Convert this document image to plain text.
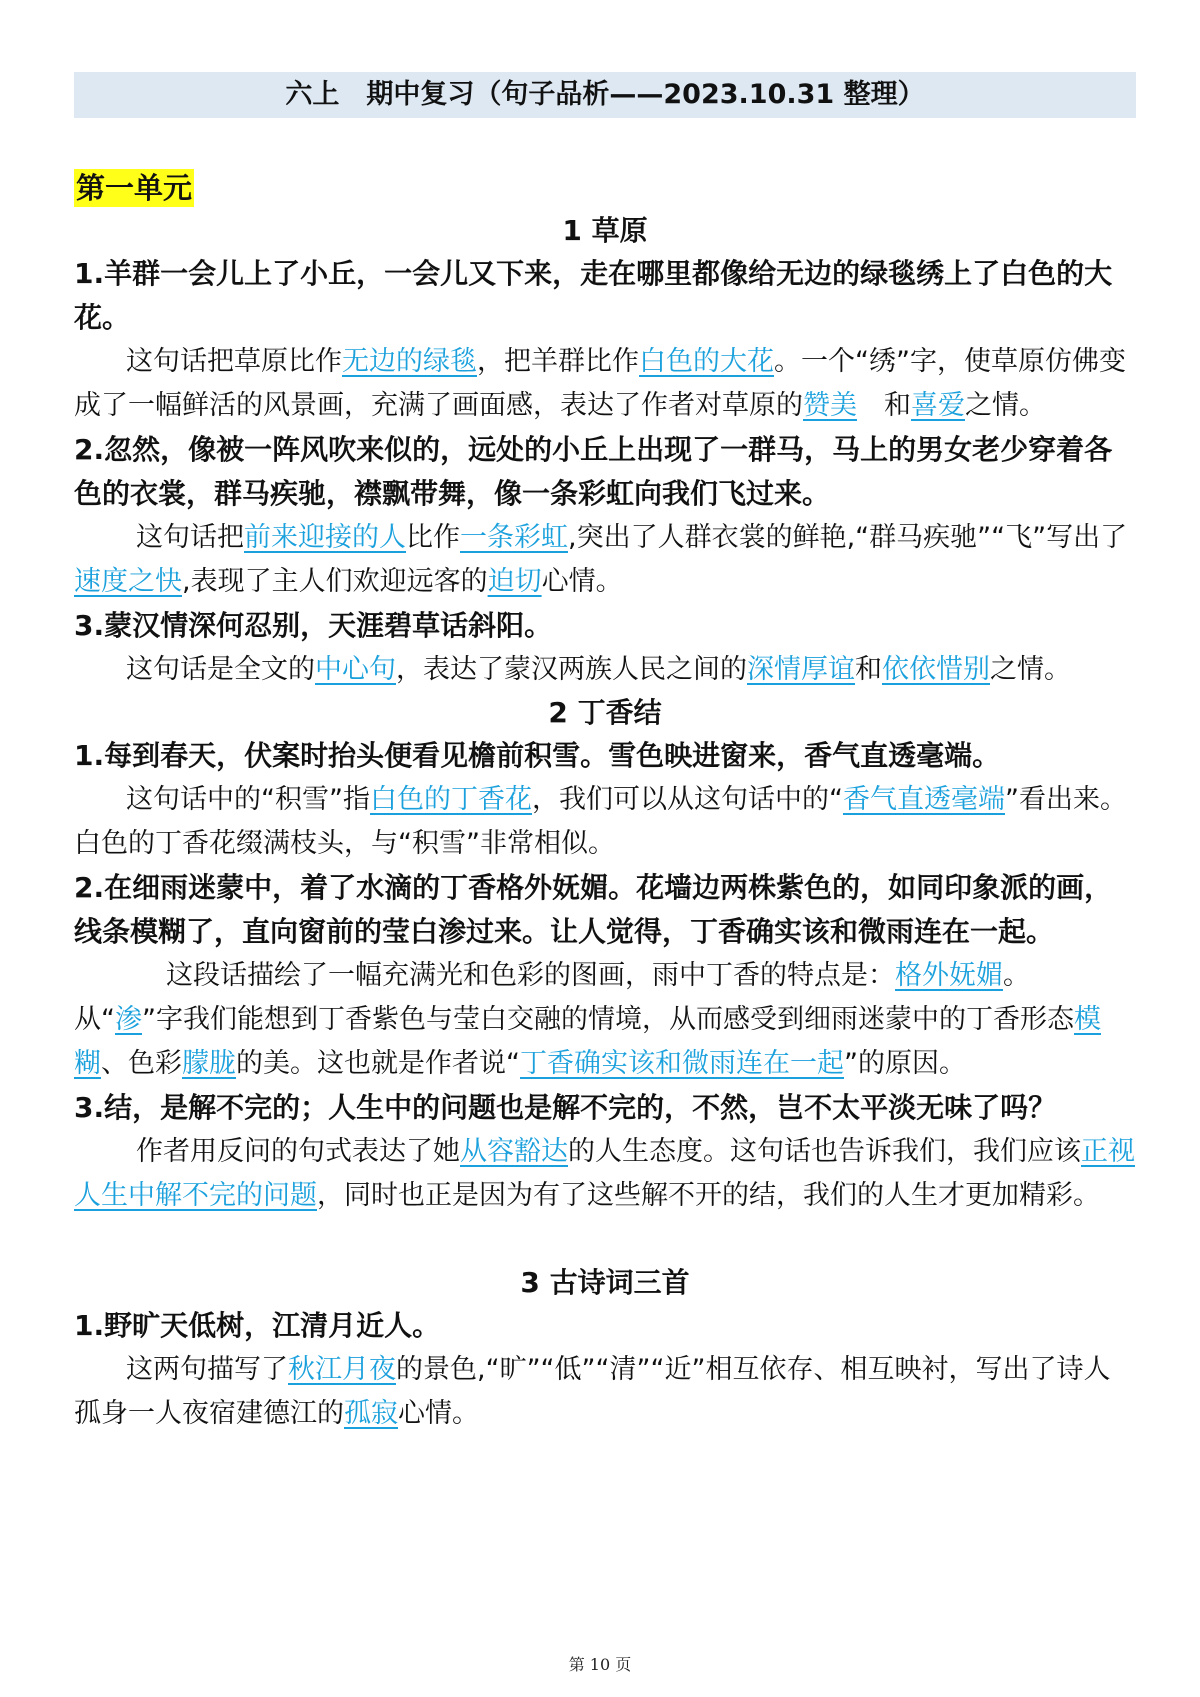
六上　期中复习（句子品析——2023.10.31 整理）
第一单元
1 草原

1.羊群一会儿上了小丘，一会儿又下来，走在哪里都像给无边的绿毯绣上了白色的大花。

这句话把草原比作无边的绿毯，把羊群比作白色的大花。一个“绣”字，使草原仿佛变成了一幅鲜活的风景画，充满了画面感，表达了作者对草原的赞美　和喜爱之情。

2.忽然，像被一阵风吹来似的，远处的小丘上出现了一群马，马上的男女老少穿着各色的衣裳，群马疾驰，襟飘带舞，像一条彩虹向我们飞过来。

这句话把前来迎接的人比作一条彩虹,突出了人群衣裳的鲜艳,“群马疾驰”“飞”写出了速度之快,表现了主人们欢迎远客的迫切心情。

3.蒙汉情深何忍别，天涯碧草话斜阳。

这句话是全文的中心句，表达了蒙汉两族人民之间的深情厚谊和依依惜别之情。

2 丁香结

1.每到春天，伏案时抬头便看见檐前积雪。雪色映进窗来，香气直透毫端。

这句话中的“积雪”指白色的丁香花，我们可以从这句话中的“香气直透毫端”看出来。白色的丁香花缀满枝头，与“积雪”非常相似。

2.在细雨迷蒙中，着了水滴的丁香格外妩媚。花墙边两株紫色的，如同印象派的画，线条模糊了，直向窗前的莹白渗过来。让人觉得，丁香确实该和微雨连在一起。

这段话描绘了一幅充满光和色彩的图画，雨中丁香的特点是：格外妩媚。从“渗”字我们能想到丁香紫色与莹白交融的情境，从而感受到细雨迷蒙中的丁香形态模糊、色彩朦胧的美。这也就是作者说“丁香确实该和微雨连在一起”的原因。

3.结，是解不完的；人生中的问题也是解不完的，不然，岂不太平淡无味了吗？

作者用反问的句式表达了她从容豁达的人生态度。这句话也告诉我们，我们应该正视人生中解不完的问题，同时也正是因为有了这些解不开的结，我们的人生才更加精彩。

3 古诗词三首

1.野旷天低树，江清月近人。

这两句描写了秋江月夜的景色,“旷”“低”“清”“近”相互依存、相互映衬，写出了诗人孤身一人夜宿建德江的孤寂心情。

第 10 页
